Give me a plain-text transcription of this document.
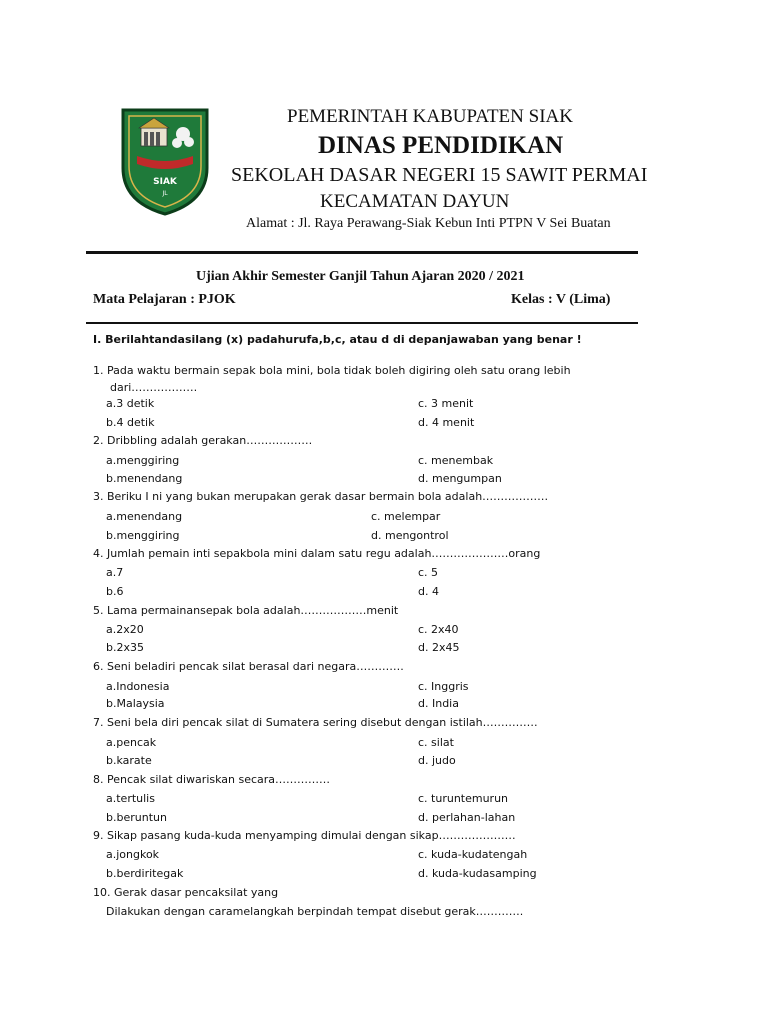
SIAK
JL
PEMERINTAH KABUPATEN SIAK
DINAS PENDIDIKAN
SEKOLAH DASAR NEGERI 15 SAWIT PERMAI
KECAMATAN DAYUN
Alamat : Jl. Raya Perawang-Siak Kebun Inti PTPN V Sei Buatan
Ujian Akhir Semester Ganjil Tahun Ajaran 2020 / 2021
Mata Pelajaran : PJOK	Kelas : V (Lima)
I. Berilahtandasilang (x) padahurufa,b,c, atau d di depanjawaban yang benar !
1. Pada waktu bermain sepak bola mini, bola tidak boleh digiring oleh satu orang lebih
dari………………
a.3 detik	c. 3 menit
b.4 detik	d. 4 menit
2. Dribbling adalah gerakan………………
a.menggiring	c. menembak
b.menendang	d. mengumpan
3. Beriku I ni yang bukan merupakan gerak dasar bermain bola adalah………………
a.menendang	c. melempar
b.menggiring	d. mengontrol
4. Jumlah pemain inti sepakbola mini dalam satu regu adalah…………………orang
a.7	c. 5
b.6	d. 4
5. Lama permainansepak bola adalah………………menit
a.2x20	c. 2x40
b.2x35	d. 2x45
6. Seni beladiri pencak silat berasal dari negara………….
a.Indonesia	c. Inggris
b.Malaysia	d. India
7. Seni bela diri pencak silat di Sumatera sering disebut dengan istilah……………
a.pencak	c. silat
b.karate	d. judo
8. Pencak silat diwariskan secara……………
a.tertulis	c. turuntemurun
b.beruntun	d. perlahan-lahan
9. Sikap pasang kuda-kuda menyamping dimulai dengan sikap…………………
a.jongkok	c. kuda-kudatengah
b.berdiritegak	d. kuda-kudasamping
10. Gerak dasar pencaksilat yang
Dilakukan dengan caramelangkah berpindah tempat disebut gerak………….
